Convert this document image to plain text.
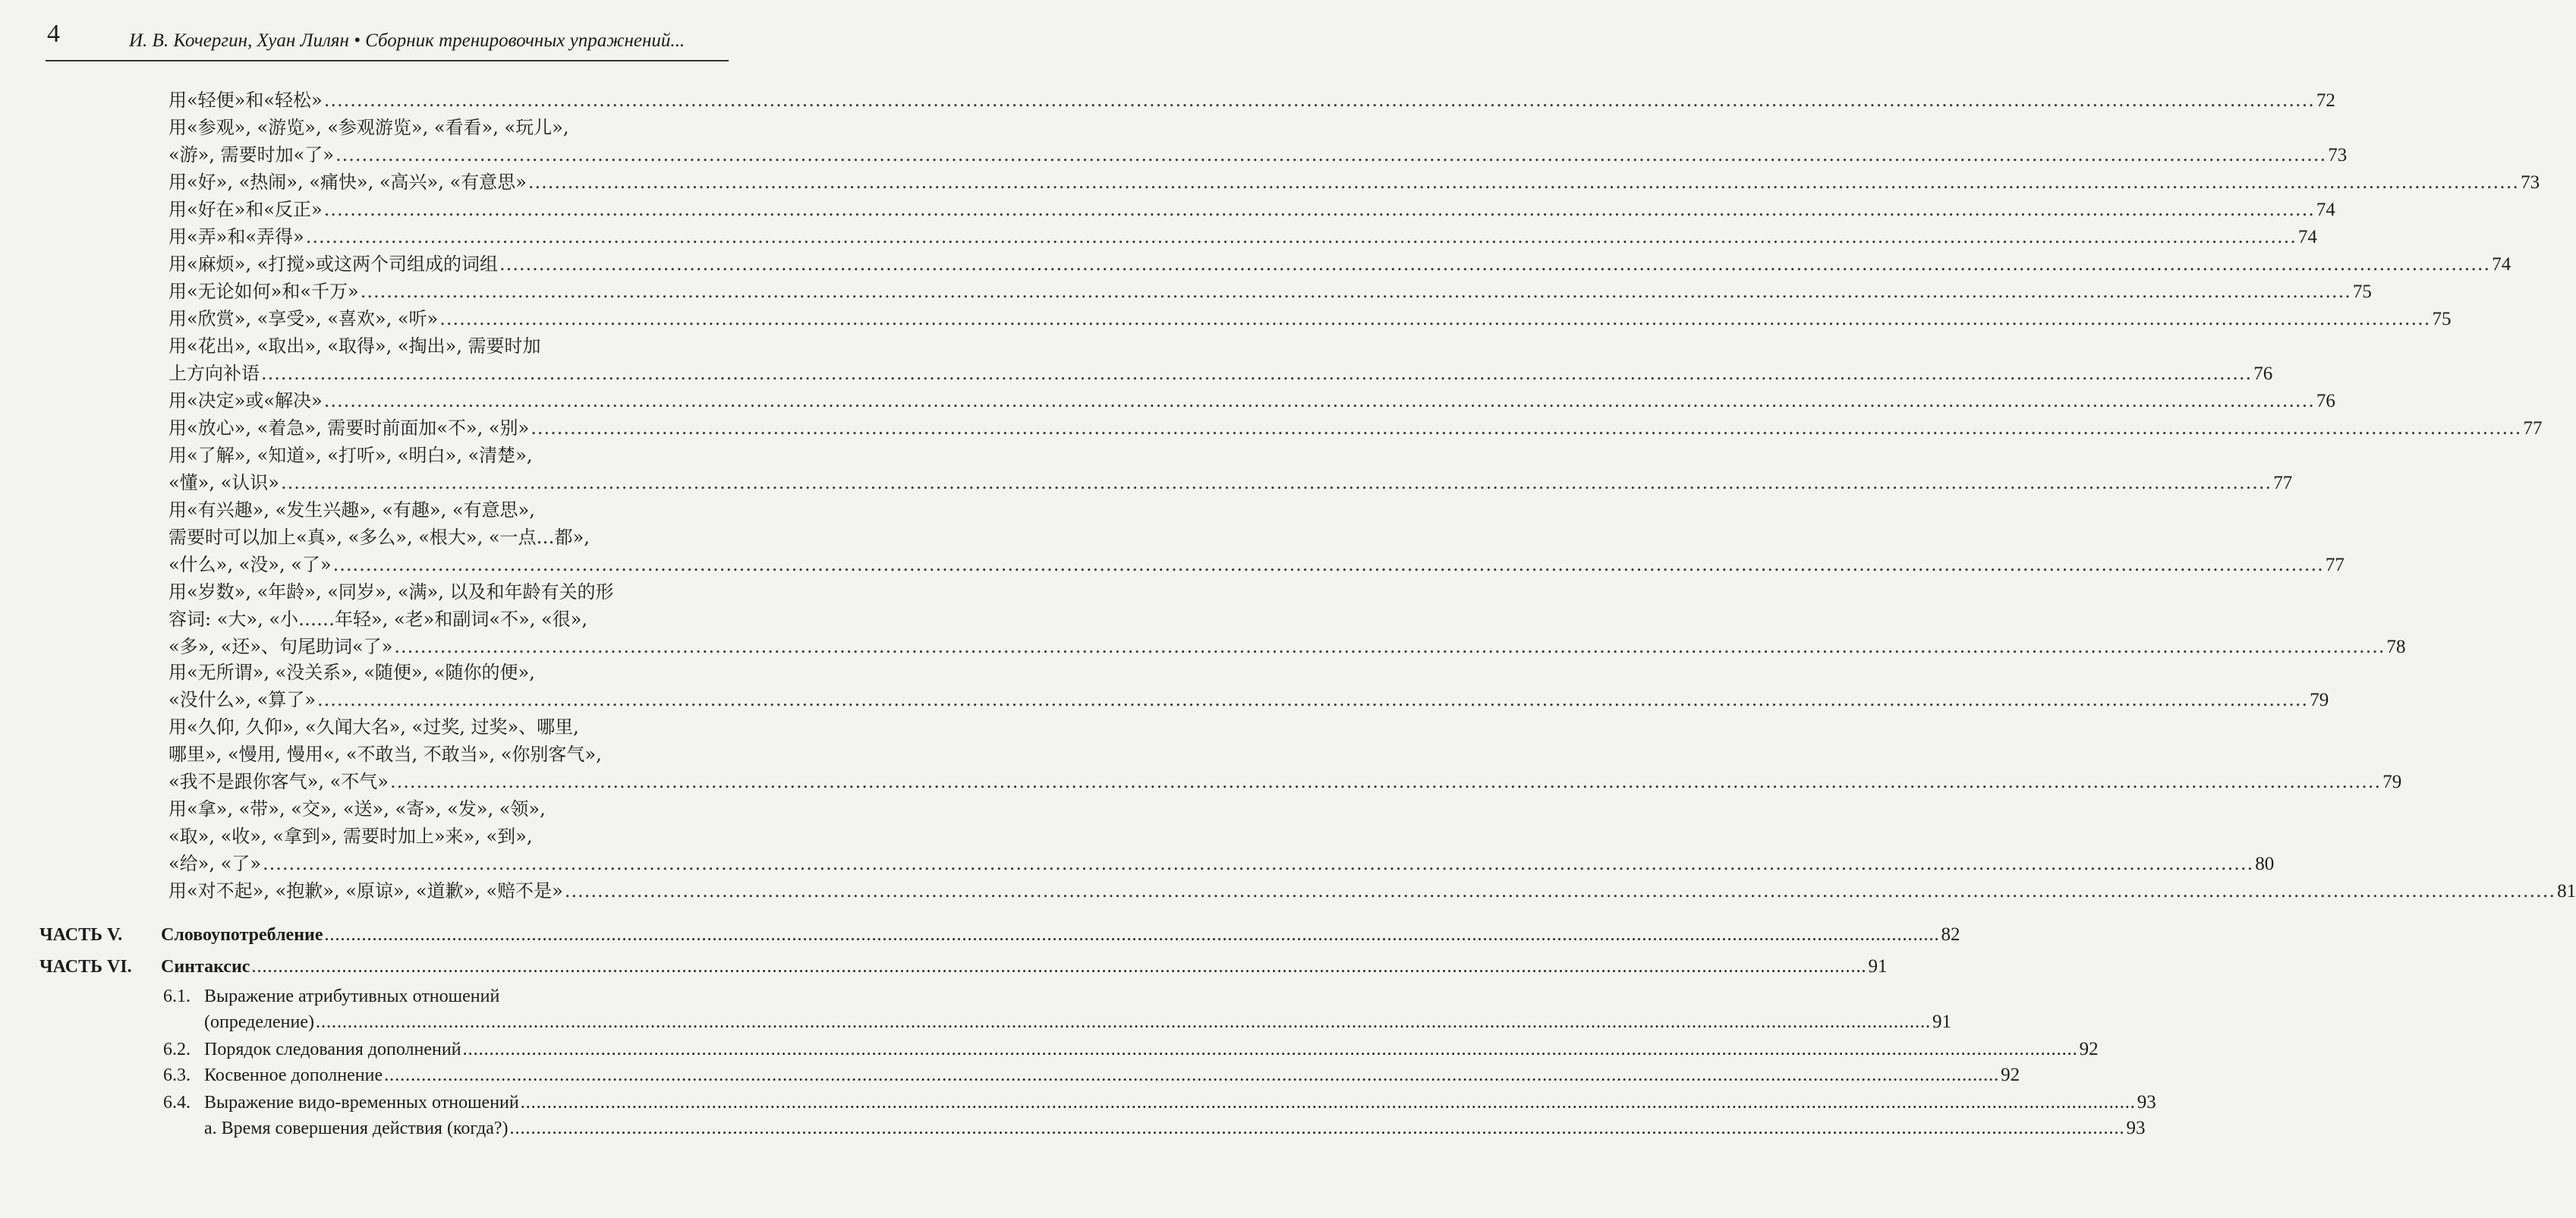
4	И. В. Кочергин, Хуан Лилян • Сборник тренировочных упражнений...
用«轻便»和«轻松» .....	72
用«参观», «游览», «参观游览», «看看», «玩儿»,
«游», 需要时加«了» .....	73
用«好», «热闹», «痛快», «高兴», «有意思» .....	73
用«好在»和«反正» .....	74
用«弄»和«弄得» .....	74
用«麻烦», «打搅»或这两个司组成的词组 .....	74
用«无论如何»和«千万» .....	75
用«欣赏», «享受», «喜欢», «听» .....	75
用«花出», «取出», «取得», «掏出», 需要时加
上方向补语 .....	76
用«决定»或«解决» .....	76
用«放心», «着急», 需要时前面加«不», «别» .....	77
用«了解», «知道», «打听», «明白», «清楚»,
«懂», «认识» .....	77
用«有兴趣», «发生兴趣», «有趣», «有意思»,
需要时可以加上«真», «多么», «根大», «一点…都»,
«什么», «没», «了» .....	77
用«岁数», «年龄», «同岁», «满», 以及和年龄有关的形
容词: «大», «小……年轻», «老»和副词«不», «很»,
«多», «还»、句尾助词«了» .....	78
用«无所谓», «没关系», «随便», «随你的便»,
«没什么», «算了» .....	79
用«久仰, 久仰», «久闻大名», «过奖, 过奖»、哪里,
哪里», «慢用, 慢用«, «不敢当, 不敢当», «你别客气»,
«我不是跟你客气», «不气» .....	79
用«拿», «带», «交», «送», «寄», «发», «领»,
«取», «收», «拿到», 需要时加上»来», «到»,
«给», «了» .....	80
用«对不起», «抱歉», «原谅», «道歉», «赔不是» .....	81
ЧАСТЬ V.	Словоупотребление .....	82
ЧАСТЬ VI.	Синтаксис .....	91
6.1. Выражение атрибутивных отношений
(определение) .....	91
6.2. Порядок следования дополнений .....	92
6.3. Косвенное дополнение .....	92
6.4. Выражение видо-временных отношений .....	93
а. Время совершения действия (когда?) .....	93
